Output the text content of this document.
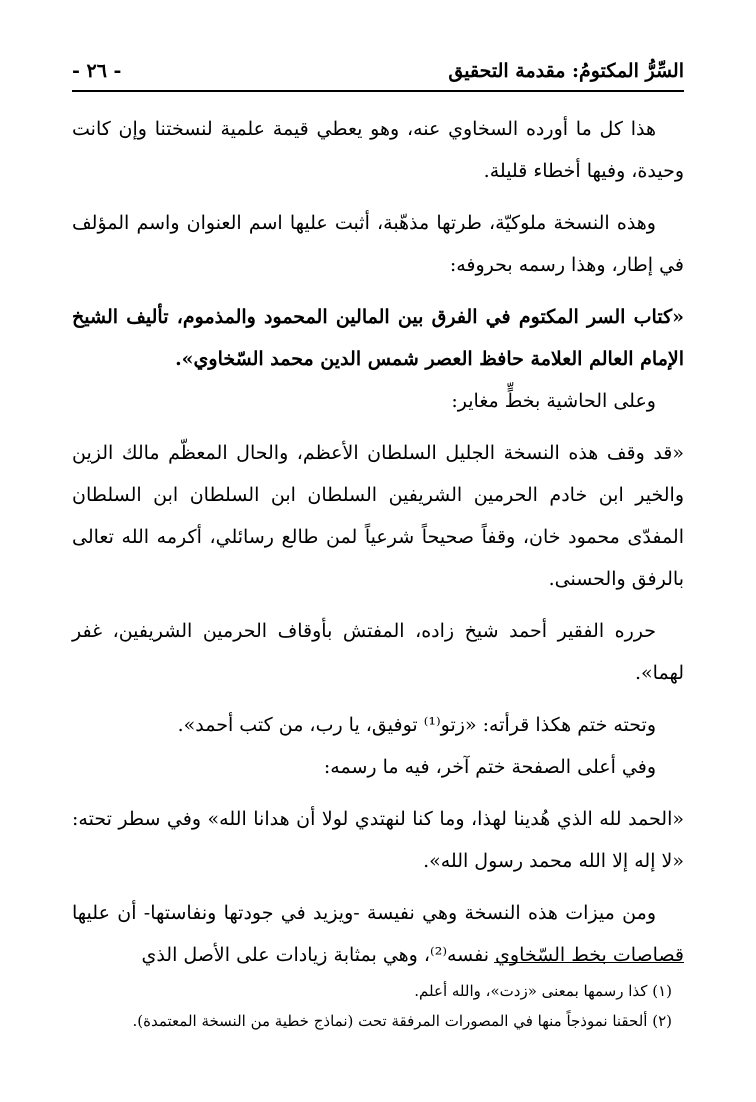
السِّرُّ المكتومُ: مقدمة التحقيق
- ٢٦ -

هذا كل ما أورده السخاوي عنه، وهو يعطي قيمة علمية لنسختنا وإن كانت وحيدة، وفيها أخطاء قليلة.

وهذه النسخة ملوكيّة، طرتها مذهّبة، أثبت عليها اسم العنوان واسم المؤلف في إطار، وهذا رسمه بحروفه:

«كتاب السر المكتوم في الفرق بين المالين المحمود والمذموم، تأليف الشيخ الإمام العالم العلامة حافظ العصر شمس الدين محمد السّخاوي».

وعلى الحاشية بخطٍّ مغاير:

«قد وقف هذه النسخة الجليل السلطان الأعظم، والحال المعظّم مالك الزين والخير ابن خادم الحرمين الشريفين السلطان ابن السلطان ابن السلطان المفدّى محمود خان، وقفاً صحيحاً شرعياً لمن طالع رسائلي، أكرمه الله تعالى بالرفق والحسنى.

حرره الفقير أحمد شيخ زاده، المفتش بأوقاف الحرمين الشريفين، غفر لهما».

وتحته ختم هكذا قرأته: «زتو⁽¹⁾ توفيق، يا رب، من كتب أحمد».

وفي أعلى الصفحة ختم آخر، فيه ما رسمه:

«الحمد لله الذي هُدينا لهذا، وما كنا لنهتدي لولا أن هدانا الله» وفي سطر تحته: «لا إله إلا الله محمد رسول الله».

ومن ميزات هذه النسخة وهي نفيسة -ويزيد في جودتها ونفاستها- أن عليها قصاصات بخط السّخاوي نفسه⁽²⁾، وهي بمثابة زيادات على الأصل الذي

(١) كذا رسمها بمعنى «زدت»، والله أعلم.
(٢) ألحقنا نموذجاً منها في المصورات المرفقة تحت (نماذج خطية من النسخة المعتمدة).
